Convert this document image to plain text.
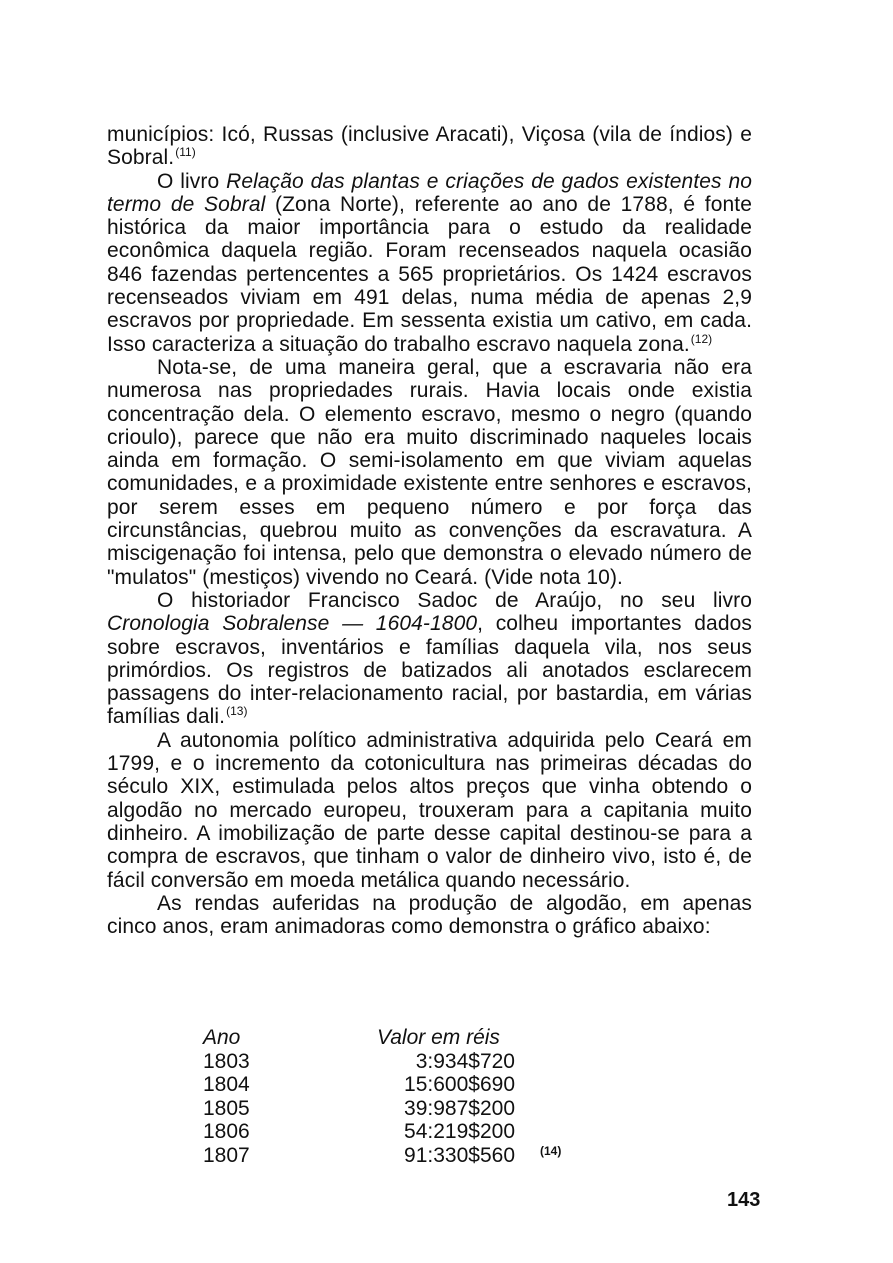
municípios: Icó, Russas (inclusive Aracati), Viçosa (vila de índios) e Sobral.$^{(11)}$

O livro Relação das plantas e criações de gados existentes no termo de Sobral (Zona Norte), referente ao ano de 1788, é fonte histórica da maior importância para o estudo da realidade econômica daquela região. Foram recenseados naquela ocasião 846 fazendas pertencentes a 565 proprietários. Os 1424 escravos recenseados viviam em 491 delas, numa média de apenas 2,9 escravos por propriedade. Em sessenta existia um cativo, em cada. Isso caracteriza a situação do trabalho escravo naquela zona.$^{(12)}$

Nota-se, de uma maneira geral, que a escravaria não era numerosa nas propriedades rurais. Havia locais onde existia concentração dela. O elemento escravo, mesmo o negro (quando crioulo), parece que não era muito discriminado naqueles locais ainda em formação. O semi-isolamento em que viviam aquelas comunidades, e a proximidade existente entre senhores e escravos, por serem esses em pequeno número e por força das circunstâncias, quebrou muito as convenções da escravatura. A miscigenação foi intensa, pelo que demonstra o elevado número de "mulatos" (mestiços) vivendo no Ceará. (Vide nota 10).

O historiador Francisco Sadoc de Araújo, no seu livro Cronologia Sobralense — 1604-1800, colheu importantes dados sobre escravos, inventários e famílias daquela vila, nos seus primórdios. Os registros de batizados ali anotados esclarecem passagens do inter-relacionamento racial, por bastardia, em várias famílias dali.$^{(13)}$

A autonomia político administrativa adquirida pelo Ceará em 1799, e o incremento da cotonicultura nas primeiras décadas do século XIX, estimulada pelos altos preços que vinha obtendo o algodão no mercado europeu, trouxeram para a capitania muito dinheiro. A imobilização de parte desse capital destinou-se para a compra de escravos, que tinham o valor de dinheiro vivo, isto é, de fácil conversão em moeda metálica quando necessário.

As rendas auferidas na produção de algodão, em apenas cinco anos, eram animadoras como demonstra o gráfico abaixo:

Ano	Valor em réis
1803	3:934$720
1804	15:600$690
1805	39:987$200
1806	54:219$200
1807	91:330$560 (14)
143
